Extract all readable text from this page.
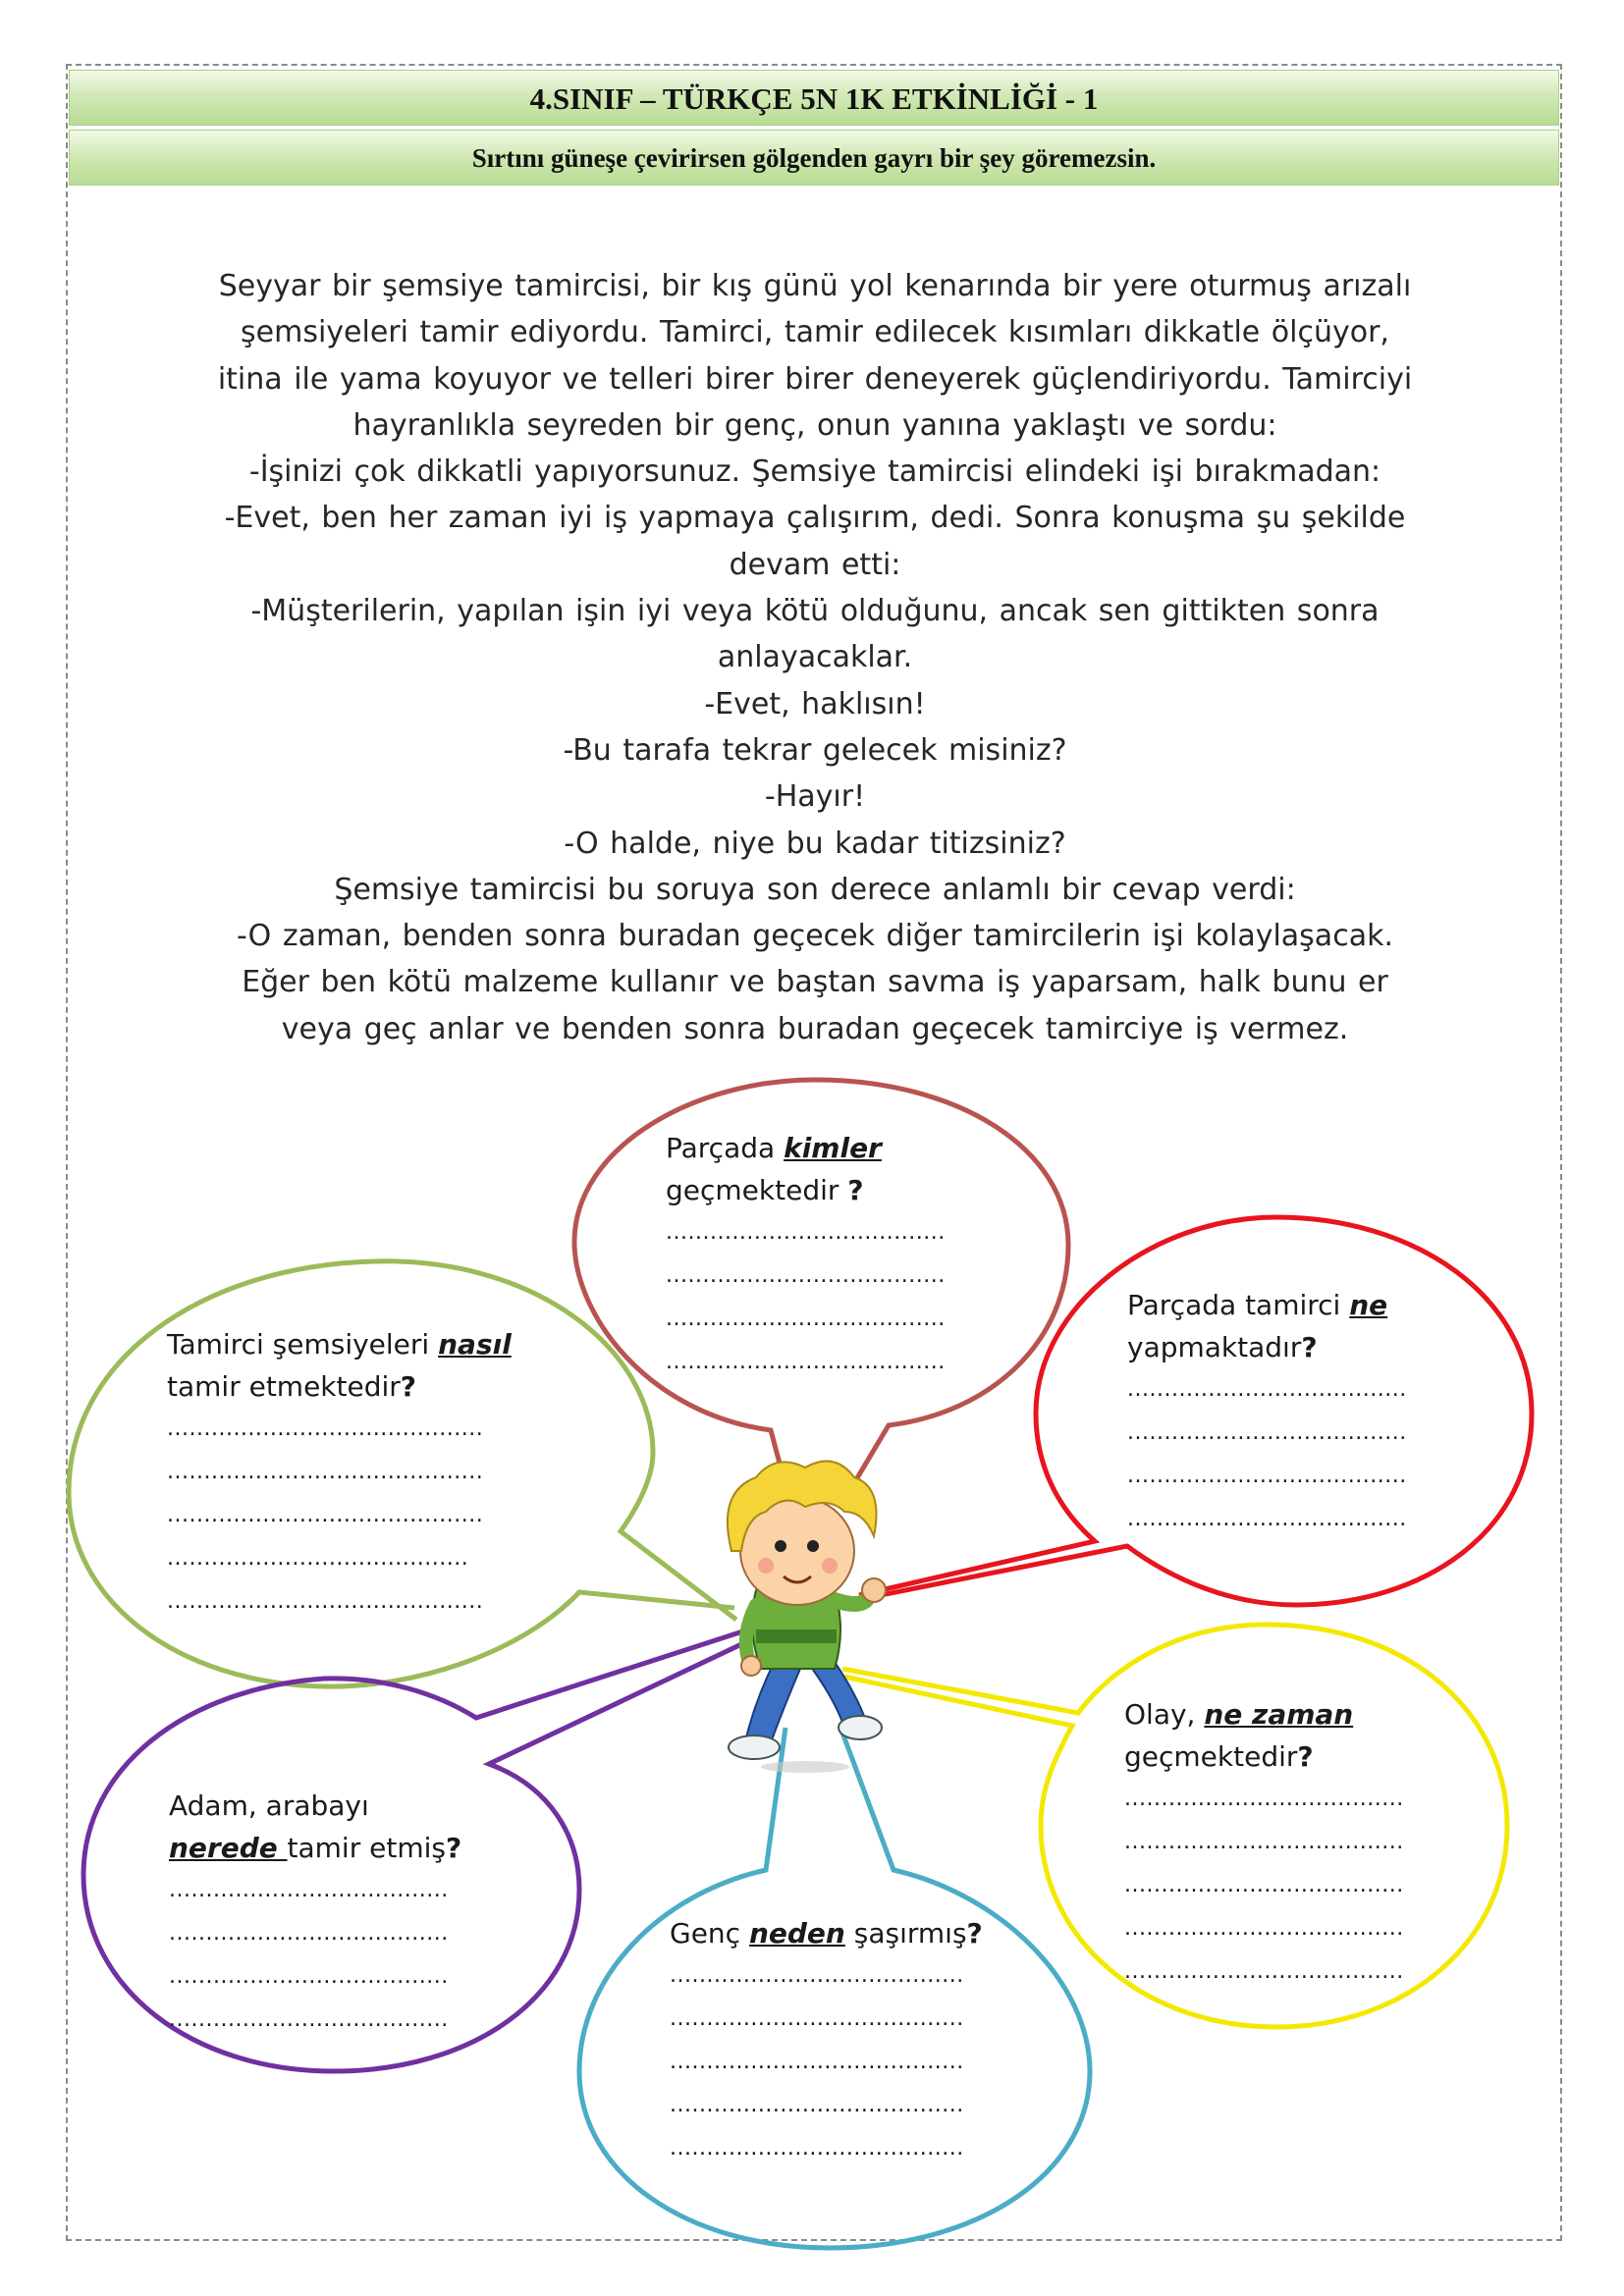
4.SINIF – TÜRKÇE 5N 1K ETKİNLİĞİ - 1
Sırtını güneşe çevirirsen gölgenden gayrı bir şey göremezsin.
Seyyar bir şemsiye tamircisi, bir kış günü yol kenarında bir yere oturmuş arızalı
şemsiyeleri tamir ediyordu. Tamirci, tamir edilecek kısımları dikkatle ölçüyor,
itina ile yama koyuyor ve telleri birer birer deneyerek güçlendiriyordu. Tamirciyi
hayranlıkla seyreden bir genç, onun yanına yaklaştı ve sordu:
-İşinizi çok dikkatli yapıyorsunuz. Şemsiye tamircisi elindeki işi bırakmadan:
-Evet, ben her zaman iyi iş yapmaya çalışırım, dedi. Sonra konuşma şu şekilde
devam etti:
-Müşterilerin, yapılan işin iyi veya kötü olduğunu, ancak sen gittikten sonra
anlayacaklar.
-Evet, haklısın!
-Bu tarafa tekrar gelecek misiniz?
-Hayır!
-O halde, niye bu kadar titizsiniz?
Şemsiye tamircisi bu soruya son derece anlamlı bir cevap verdi:
-O zaman, benden sonra buradan geçecek diğer tamircilerin işi kolaylaşacak.
Eğer ben kötü malzeme kullanır ve baştan savma iş yaparsam, halk bunu er
veya geç anlar ve benden sonra buradan geçecek tamirciye iş vermez.
Parçada kimler
geçmektedir ?
......................................
......................................
......................................
......................................
Parçada tamirci ne
yapmaktadır?
......................................
......................................
......................................
......................................
Tamirci şemsiyeleri nasıl
tamir etmektedir?
...........................................
...........................................
...........................................
.........................................
...........................................
Olay, ne zaman
geçmektedir?
......................................
......................................
......................................
......................................
......................................
Adam, arabayı
nerede tamir etmiş?
......................................
......................................
......................................
......................................
Genç neden şaşırmış?
........................................
........................................
........................................
........................................
........................................
